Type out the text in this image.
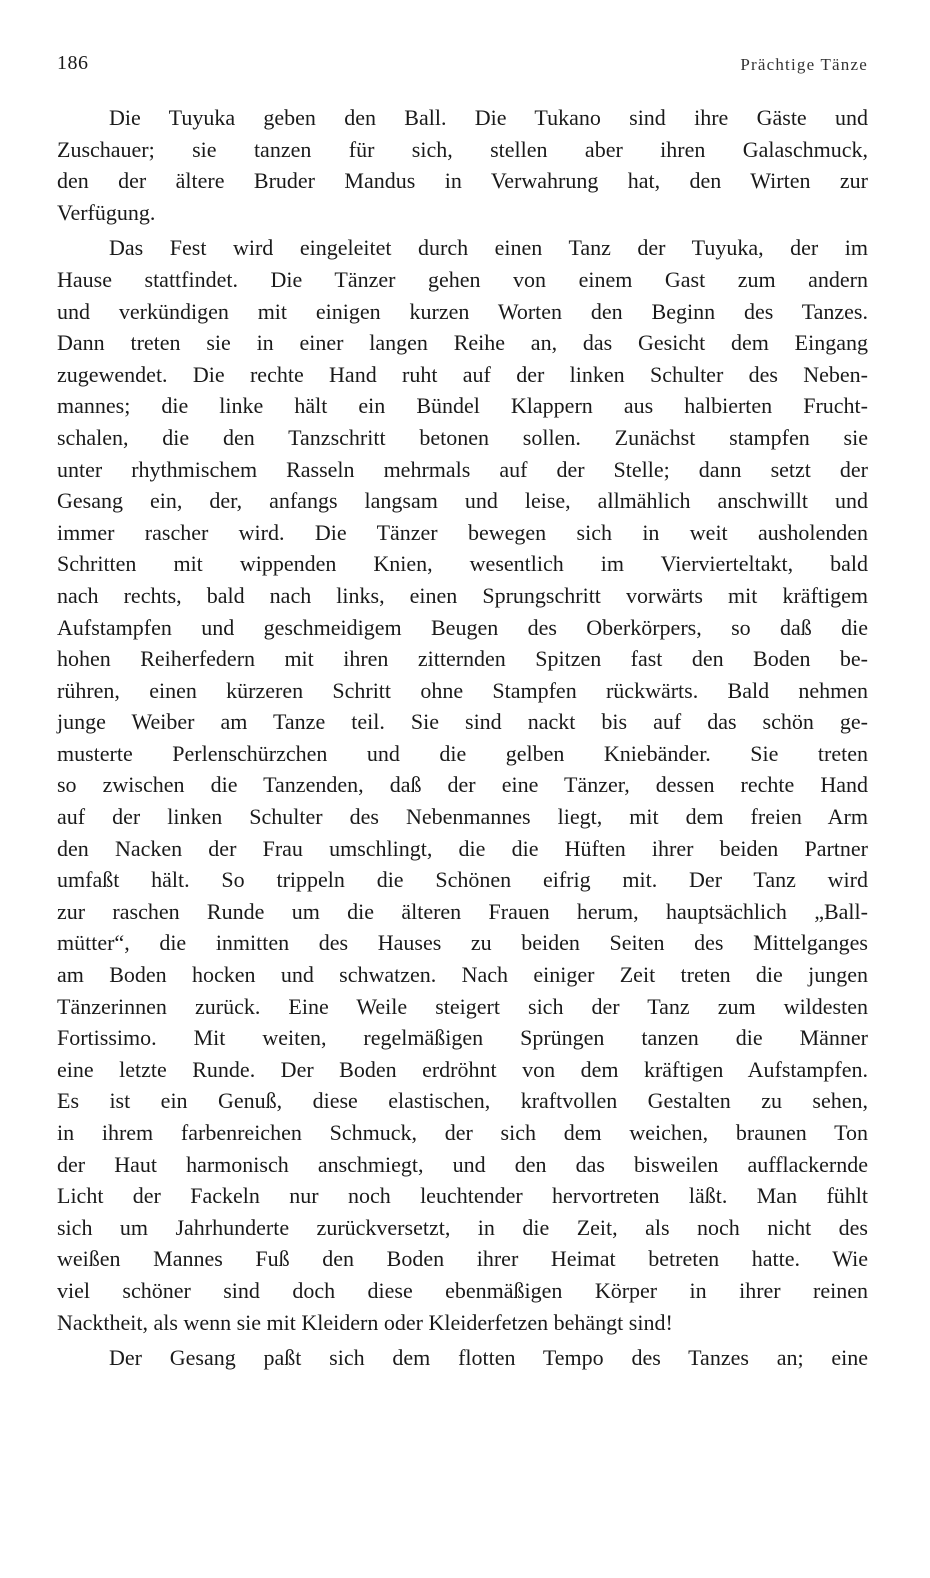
186	Prächtige Tänze
Die Tuyuka geben den Ball. Die Tukano sind ihre Gäste und
Zuschauer; sie tanzen für sich, stellen aber ihren Galaschmuck,
den der ältere Bruder Mandus in Verwahrung hat, den Wirten zur
Verfügung.
Das Fest wird eingeleitet durch einen Tanz der Tuyuka, der im
Hause stattfindet. Die Tänzer gehen von einem Gast zum andern
und verkündigen mit einigen kurzen Worten den Beginn des Tanzes.
Dann treten sie in einer langen Reihe an, das Gesicht dem Eingang
zugewendet. Die rechte Hand ruht auf der linken Schulter des Neben-
mannes; die linke hält ein Bündel Klappern aus halbierten Frucht-
schalen, die den Tanzschritt betonen sollen. Zunächst stampfen sie
unter rhythmischem Rasseln mehrmals auf der Stelle; dann setzt der
Gesang ein, der, anfangs langsam und leise, allmählich anschwillt und
immer rascher wird. Die Tänzer bewegen sich in weit ausholenden
Schritten mit wippenden Knien, wesentlich im Viervierteltakt, bald
nach rechts, bald nach links, einen Sprungschritt vorwärts mit kräftigem
Aufstampfen und geschmeidigem Beugen des Oberkörpers, so daß die
hohen Reiherfedern mit ihren zitternden Spitzen fast den Boden be-
rühren, einen kürzeren Schritt ohne Stampfen rückwärts. Bald nehmen
junge Weiber am Tanze teil. Sie sind nackt bis auf das schön ge-
musterte Perlenschürzchen und die gelben Kniebänder. Sie treten
so zwischen die Tanzenden, daß der eine Tänzer, dessen rechte Hand
auf der linken Schulter des Nebenmannes liegt, mit dem freien Arm
den Nacken der Frau umschlingt, die die Hüften ihrer beiden Partner
umfaßt hält. So trippeln die Schönen eifrig mit. Der Tanz wird
zur raschen Runde um die älteren Frauen herum, hauptsächlich „Ball-
mütter“, die inmitten des Hauses zu beiden Seiten des Mittelganges
am Boden hocken und schwatzen. Nach einiger Zeit treten die jungen
Tänzerinnen zurück. Eine Weile steigert sich der Tanz zum wildesten
Fortissimo. Mit weiten, regelmäßigen Sprüngen tanzen die Männer
eine letzte Runde. Der Boden erdröhnt von dem kräftigen Aufstampfen.
Es ist ein Genuß, diese elastischen, kraftvollen Gestalten zu sehen,
in ihrem farbenreichen Schmuck, der sich dem weichen, braunen Ton
der Haut harmonisch anschmiegt, und den das bisweilen aufflackernde
Licht der Fackeln nur noch leuchtender hervortreten läßt. Man fühlt
sich um Jahrhunderte zurückversetzt, in die Zeit, als noch nicht des
weißen Mannes Fuß den Boden ihrer Heimat betreten hatte. Wie
viel schöner sind doch diese ebenmäßigen Körper in ihrer reinen
Nacktheit, als wenn sie mit Kleidern oder Kleiderfetzen behängt sind!
Der Gesang paßt sich dem flotten Tempo des Tanzes an; eine
